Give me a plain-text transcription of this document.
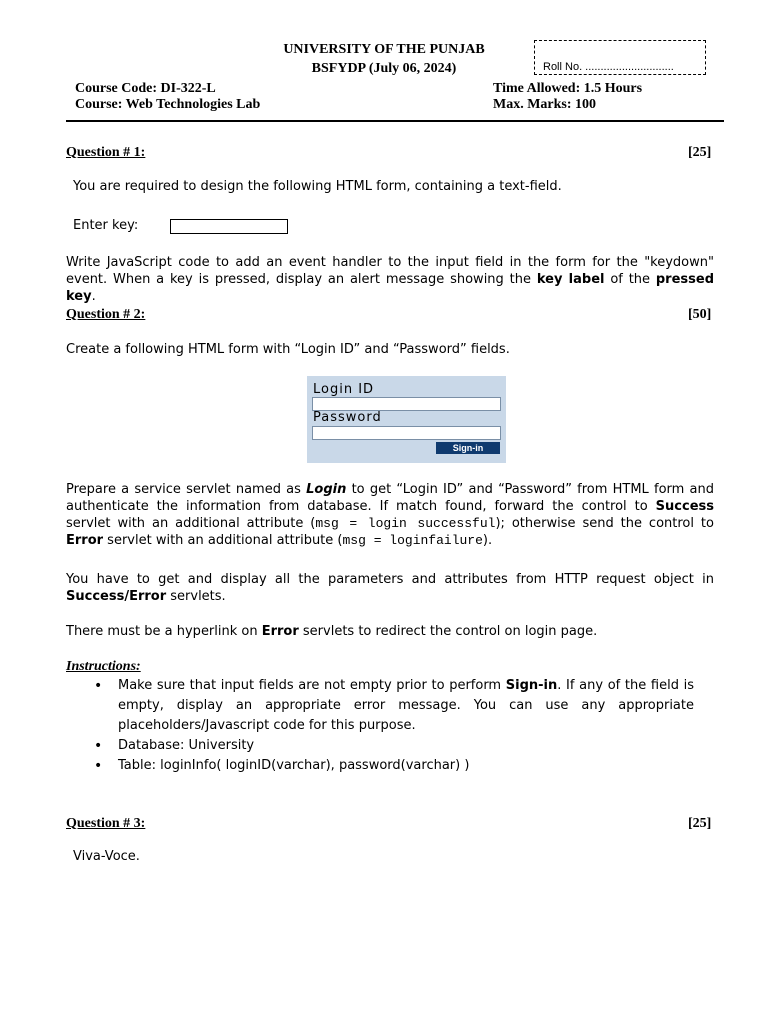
UNIVERSITY OF THE PUNJAB
BSFYDP (July 06, 2024)	Roll No. .............................
Course Code: DI-322-L
Course: Web Technologies Lab
Time Allowed: 1.5 Hours
Max. Marks: 100
Question # 1:	[25]
You are required to design the following HTML form, containing a text-field.
Enter key:
Write JavaScript code to add an event handler to the input field in the form for the "keydown" event. When a key is pressed, display an alert message showing the key label of the pressed key.
Question # 2:	[50]
Create a following HTML form with “Login ID” and “Password” fields.
Login ID
Password
Sign-in
Prepare a service servlet named as Login to get “Login ID” and “Password” from HTML form and authenticate the information from database. If match found, forward the control to Success servlet with an additional attribute (msg = login successful); otherwise send the control to Error servlet with an additional attribute (msg = loginfailure).
You have to get and display all the parameters and attributes from HTTP request object in Success/Error servlets.
There must be a hyperlink on Error servlets to redirect the control on login page.
Instructions:
• Make sure that input fields are not empty prior to perform Sign-in. If any of the field is empty, display an appropriate error message. You can use any appropriate placeholders/Javascript code for this purpose.
• Database: University
• Table: loginInfo( loginID(varchar), password(varchar) )
Question # 3:	[25]
Viva-Voce.
